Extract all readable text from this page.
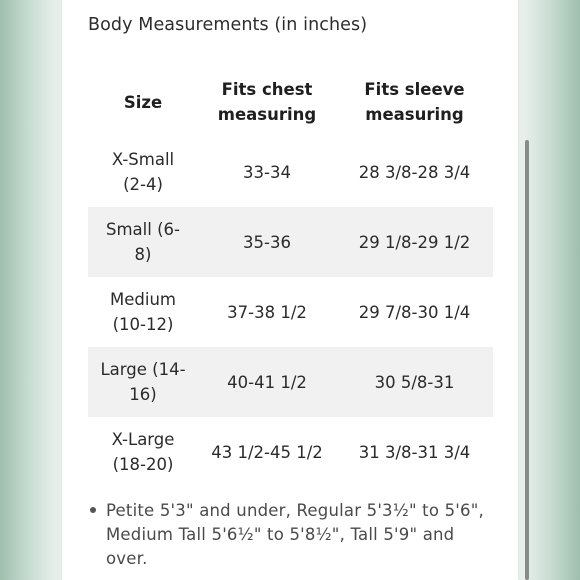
Body Measurements (in inches)
Size	Fits chest measuring	Fits sleeve measuring
X-Small (2-4)	33-34	28 3/8-28 3/4
Small (6-8)	35-36	29 1/8-29 1/2
Medium (10-12)	37-38 1/2	29 7/8-30 1/4
Large (14-16)	40-41 1/2	30 5/8-31
X-Large (18-20)	43 1/2-45 1/2	31 3/8-31 3/4
Petite 5'3" and under, Regular 5'3½" to 5'6", Medium Tall 5'6½" to 5'8½", Tall 5'9" and over.
